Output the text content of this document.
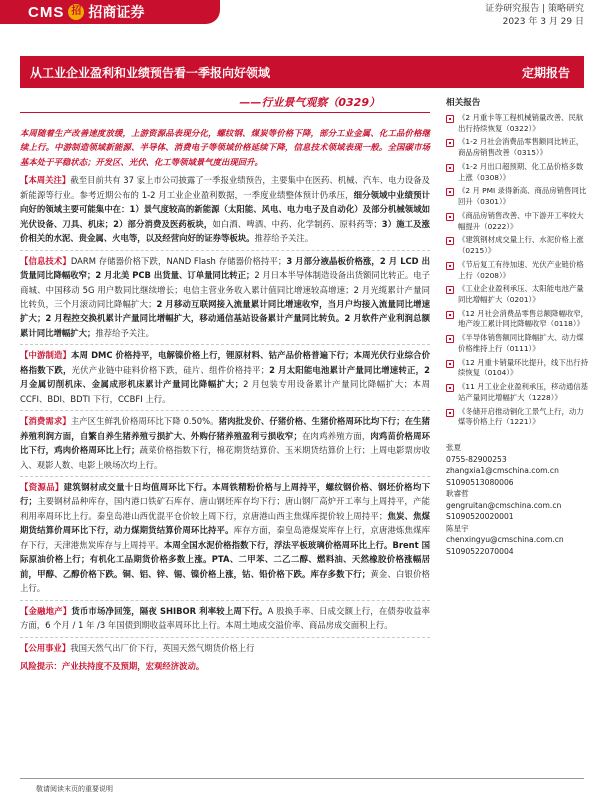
CMS 招 招商证券	证券研究报告 | 策略研究
2023 年 3 月 29 日
从工业企业盈利和业绩预告看一季报向好领域	定期报告
——行业景气观察（0329）

本周随着生产改善速度放缓，上游资源品表现分化，螺纹钢、煤炭等价格下降，部分工业金属、化工品价格继续上行。中游制造领域新能源、半导体、消费电子等领域价格延续下降，信息技术领域表现一般。全国碳市场基本处于平稳状态；开发区、光伏、化工等领域景气度出现回升。

【本周关注】截至目前共有 37 家上市公司披露了一季报业绩预告，主要集中在医药、机械、汽车、电力设备及新能源等行业。参考近期公布的 1-2 月工业企业盈利数据，一季度业绩整体预计仍承压，细分领域中业绩预计向好的领域主要可能集中在：1）景气度较高的新能源（太阳能、风电、电力电子及自动化）及部分机械领域如光伏设备、刀具、机床；2）部分消费及医药板块，如白酒、啤酒、中药、化学制药、原料药等；3）施工及涨价相关的水泥、贵金属、火电等，以及经营向好的证券等板块。推荐给予关注。

【信息技术】DARM 存储器价格下跌，NAND Flash 存储器价格持平；3 月部分液晶板价格涨，2 月 LCD 出货量同比降幅收窄；2 月北美 PCB 出货量、订单量同比转正；2 月日本半导体制造设备出货额同比转正。电子商城、中国移动 5G 用户数同比继续增长；电信主营业务收入累计值同比增速较高增速；2 月光缆累计产量同比转负，三个月滚动同比降幅扩大；2 月移动互联网接入流量累计同比增速收窄，当月户均接入流量同比增速扩大；2 月程控交换机累计产量同比增幅扩大，移动通信基站设备累计产量同比转负。2 月软件产业利润总额累计同比增幅扩大；推荐给予关注。

【中游制造】本周 DMC 价格持平，电解镍价格上行，锂原材料、钴产品价格普遍下行；本周光伏行业综合价格指数下跌，光伏产业链中硅料价格下跌，硅片、组件价格持平；2 月太阳能电池累计产量同比增速转正，2 月金属切削机床、金属成形机床累计产量同比降幅扩大；2 月包装专用设备累计产量同比降幅扩大；本周 CCFI、BDI、BDTI 下行，CCBFI 上行。

【消费需求】主产区生鲜乳价格周环比下降 0.50%。猪肉批发价、仔猪价格、生猪价格周环比均下行；在生猪养殖利润方面，自繁自养生猪养殖亏损扩大、外购仔猪养殖盈利亏损收窄；在肉鸡养殖方面，肉鸡苗价格周环比下行，鸡肉价格周环比上行；蔬菜价格指数下行，棉花期货结算价、玉米期货结算价上行；上周电影票房收入、观影人数、电影上映场次均上行。

【资源品】建筑钢材成交量十日均值周环比下行。本周铁精粉价格与上周持平，螺纹钢价格、钢坯价格均下行；主要钢材品种库存，国内港口铁矿石库存、唐山钢坯库存均下行；唐山钢厂高炉开工率与上周持平，产能利用率周环比上行。秦皇岛港山西优混平仓价较上周下行，京唐港山西主焦煤库提价较上周持平；焦炭、焦煤期货结算价周环比下行，动力煤期货结算价周环比持平。库存方面，秦皇岛港煤炭库存上行，京唐港炼焦煤库存下行，天津港焦炭库存与上周持平。本周全国水泥价格指数下行，浮法平板玻璃价格周环比上行。Brent 国际原油价格上行；有机化工品期货价格多数上涨。PTA、二甲苯、二乙二醇、燃料油、天然橡胶价格涨幅居前，甲醇、乙醇价格下跌。铜、铝、锌、锡、镍价格上涨，钴、铅价格下跌。库存多数下行；黄金、白银价格上行。

【金融地产】货币市场净回笼，隔夜 SHIBOR 利率较上周下行。A 股换手率、日成交额上行，在债券收益率方面，6 个月 / 1 年 /3 年国债到期收益率周环比上行。本周土地成交溢价率、商品房成交面积上行。

【公用事业】我国天然气出厂价下行，英国天然气期货价格上行

风险提示：产业扶持度不及预期，宏观经济波动。

相关报告
《2 月重卡等工程机械销量改善、民航出行持续恢复（0322）》
《1-2 月社会消费品零售额同比转正，商品房销售改善（0315）》
《1-2 月出口超预期、化工品价格多数上涨（0308）》
《2 月 PMI 录得新高、商品房销售同比回升（0301）》
《商品房销售改善、中下游开工率较大幅提升（0222）》
《建筑钢材成交量上行、水泥价格上涨（0215）》
《节后复工有待加速、光伏产业链价格上行（0208）》
《工业企业盈利承压、太阳能电池产量同比增幅扩大（0201）》
《12 月社会消费品零售总额降幅收窄，地产竣工累计同比降幅收窄（0118）》
《半导体销售额同比降幅扩大、动力煤价格维持上行（0111）》
《12 月重卡销量环比提升，线下出行持续恢复（0104）》
《11 月工业企业盈利承压，移动通信基站产量同比增幅扩大（1228）》
《冬储开启推动铜化工景气上行，动力煤等价格上行（1221）》
张夏
0755-82900253
zhangxia1@cmschina.com.cn
S1090513080006
耿睿哲
gengruitan@cmschina.com.cn
S1090520020001
陈星宇
chenxingyu@cmschina.com.cn
S1090522070004
敬请阅读末页的重要说明
